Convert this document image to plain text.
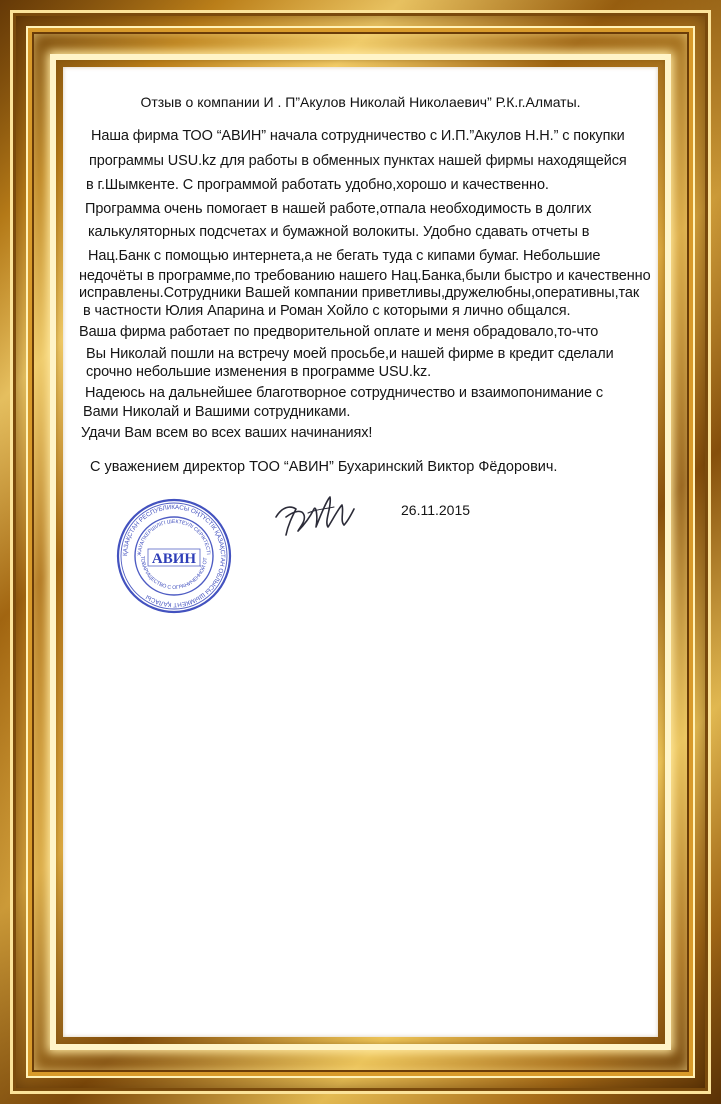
Отзыв о компании И . П”Акулов Николай Николаевич” Р.К.г.Алматы.
Наша фирма ТОО “АВИН” начала сотрудничество с И.П.”Акулов Н.Н.” с покупки
программы USU.kz для работы в обменных пунктах нашей фирмы находящейся
в г.Шымкенте. С программой работать удобно,хорошо и качественно.
Программа очень помогает в нашей работе,отпала необходимость в долгих
калькуляторных подсчетах и бумажной волокиты. Удобно сдавать отчеты в
Нац.Банк с помощью интернета,а не бегать туда с кипами бумаг. Небольшие
недочёты в программе,по требованию нашего Нац.Банка,были быстро и качественно
исправлены.Сотрудники Вашей компании приветливы,дружелюбны,оперативны,так
в частности Юлия Апарина и Роман Хойло с которыми я лично общался.
Ваша фирма работает по предворительной оплате и меня обрадовало,то-что
Вы Николай пошли на встречу моей просьбе,и нашей фирме в кредит сделали
срочно небольшие изменения в программе USU.kz.
Надеюсь на дальнейшее благотворное сотрудничество и взаимопонимание с
Вами Николай и Вашими сотрудниками.
Удачи Вам всем во всех ваших начинаниях!
С уважением директор ТОО “АВИН” Бухаринский Виктор Фёдорович.
ҚАЗАҚСТАН РЕСПУБЛИКАСЫ ОҢТҮСТІК ҚАЗАҚСТАН ОБЛЫСЫ ШЫМКЕНТ ҚАЛАСЫ
ЖАУАПКЕРШІЛІГІ ШЕКТЕУЛІ СЕРІКТЕСТІ
ТОВАРИЩЕСТВО С ОГРАНИЧЕННОЙ ОТ
АВИН
26.11.2015
